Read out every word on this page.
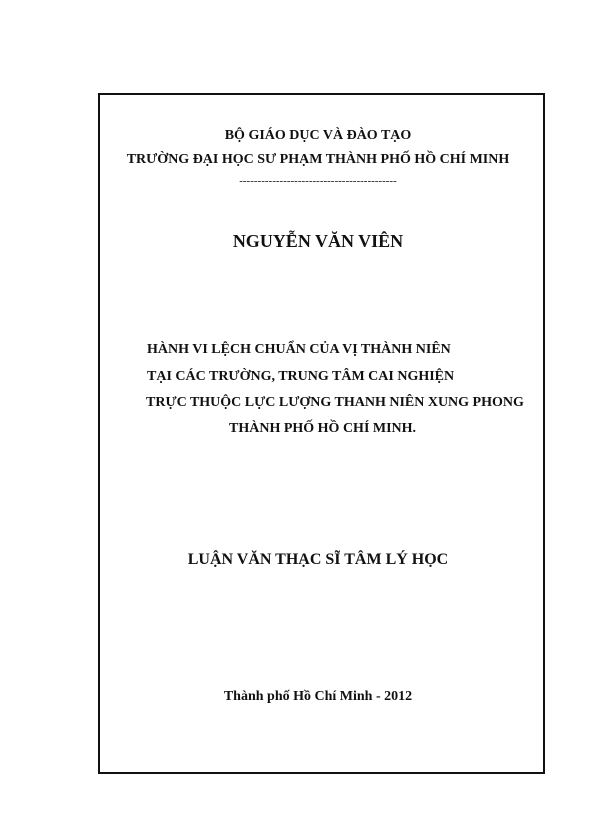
BỘ GIÁO DỤC VÀ ĐÀO TẠO
TRƯỜNG ĐẠI HỌC SƯ PHẠM THÀNH PHỐ HỒ CHÍ MINH
-------------------------------------------
NGUYỄN VĂN VIÊN
HÀNH VI LỆCH CHUẨN CỦA VỊ THÀNH NIÊN
TẠI CÁC TRƯỜNG, TRUNG TÂM CAI NGHIỆN
TRỰC THUỘC LỰC LƯỢNG THANH NIÊN XUNG PHONG
THÀNH PHỐ HỒ CHÍ MINH.
LUẬN VĂN THẠC SĨ TÂM LÝ HỌC
Thành phố Hồ Chí Minh - 2012
